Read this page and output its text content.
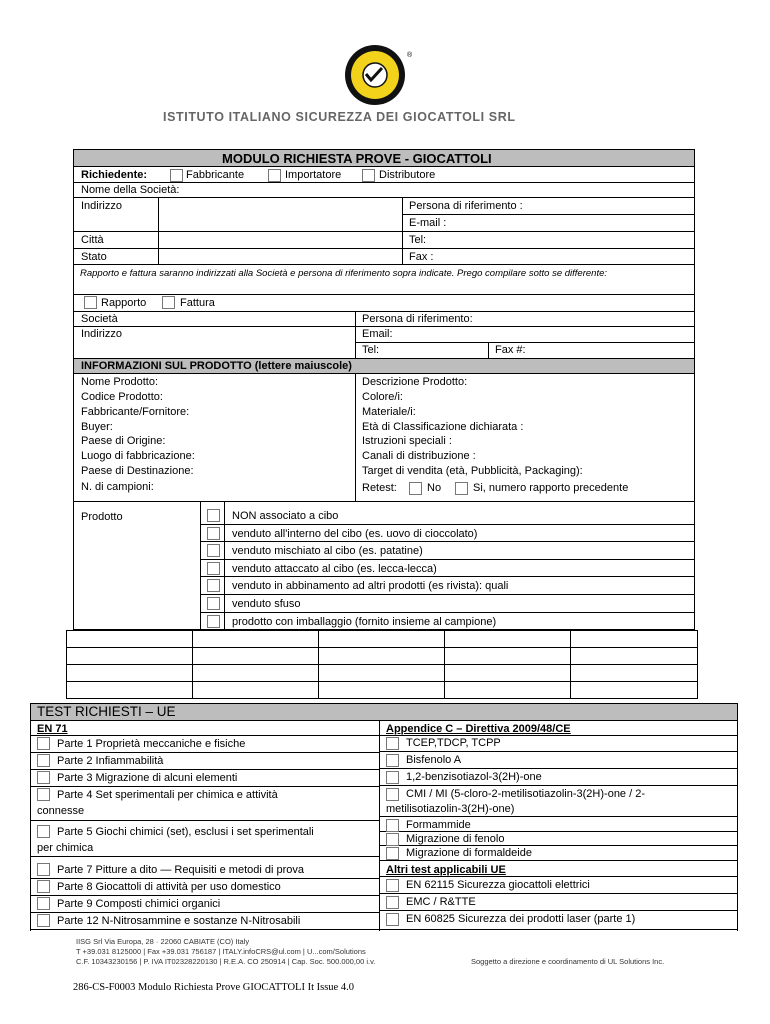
®
ISTITUTO ITALIANO SICUREZZA DEI GIOCATTOLI SRL
MODULO RICHIESTA PROVE - GIOCATTOLI
Richiedente:	Fabbricante	Importatore	Distributore
Nome della Società:
Indirizzo	Persona di riferimento :
E-mail :
Città	Tel:
Stato	Fax :
Rapporto e fattura saranno indirizzati alla Società e persona di riferimento sopra indicate. Prego compilare sotto se differente:
Rapporto	Fattura
Società	Persona di riferimento:
Indirizzo	Email:
Tel:	Fax #:
INFORMAZIONI SUL PRODOTTO (lettere maiuscole)
Nome Prodotto:
Codice Prodotto:
Fabbricante/Fornitore:
Buyer:
Paese di Origine:
Luogo di fabbricazione:
Paese di Destinazione:
N. di campioni:
Descrizione Prodotto:
Colore/i:
Materiale/i:
Età di Classificazione dichiarata :
Istruzioni speciali :
Canali di distribuzione :
Target di vendita (età, Pubblicità, Packaging):
Retest:	No	Si, numero rapporto precedente
Prodotto	NON associato a cibo
venduto all'interno del cibo (es. uovo di cioccolato)
venduto mischiato al cibo (es. patatine)
venduto attaccato al cibo (es. lecca-lecca)
venduto in abbinamento ad altri prodotti (es rivista): quali
venduto sfuso
prodotto con imballaggio (fornito insieme al campione)
TEST RICHIESTI – UE
EN 71	Appendice C – Direttiva 2009/48/CE
Parte 1 Proprietà meccaniche e fisiche
Parte 2 Infiammabilità
Parte 3 Migrazione di alcuni elementi
Parte 4 Set sperimentali per chimica e attività
connesse
Parte 5 Giochi chimici (set), esclusi i set sperimentali
per chimica
Parte 7 Pitture a dito — Requisiti e metodi di prova
Parte 8 Giocattoli di attività per uso domestico
Parte 9 Composti chimici organici
Parte 12 N-Nitrosammine e sostanze N-Nitrosabili
TCEP,TDCP, TCPP
Bisfenolo A
1,2-benzisotiazol-3(2H)-one
CMI / MI (5-cloro-2-metilisotiazolin-3(2H)-one / 2-
metilisotiazolin-3(2H)-one)
Formammide
Migrazione di fenolo
Migrazione di formaldeide
EN 62115 Sicurezza giocattoli elettrici
EMC / R&TTE
EN 60825 Sicurezza dei prodotti laser (parte 1)
Altri test applicabili UE
IISG Srl Via Europa, 28 · 22060 CABIATE (CO) Italy
T +39.031 8125000 | Fax +39.031 756187 | ITALY.infoCRS@ul.com | U...com/Solutions
C.F. 10343230156 | P. IVA IT02328220130 | R.E.A. CO 250914 | Cap. Soc. 500.000,00 i.v.	Soggetto a direzione e coordinamento di UL Solutions Inc.
286-CS-F0003 Modulo Richiesta Prove GIOCATTOLI It Issue 4.0
